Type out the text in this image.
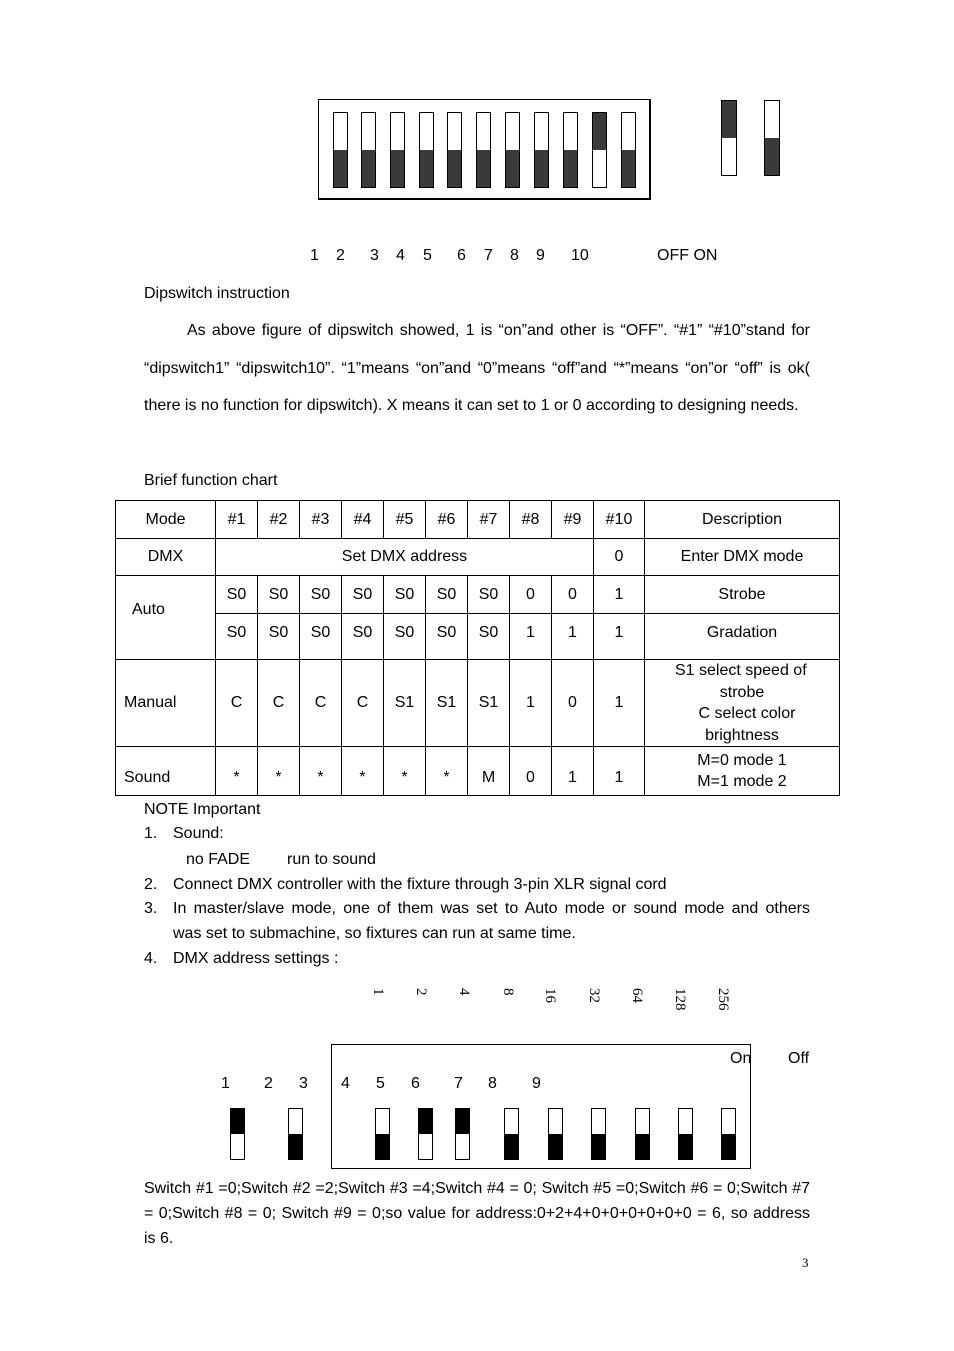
1 2 3 4 5 6 7 8 9 10	OFF ON
Dipswitch instruction
As above figure of dipswitch showed, 1 is “on”and other is “OFF”. “#1” “#10”stand for “dipswitch1” “dipswitch10”. “1”means “on”and “0”means “off”and “*”means “on”or “off” is ok( there is no function for dipswitch). X means it can set to 1 or 0 according to designing needs.
Brief function chart
Mode	#1	#2	#3	#4	#5	#6	#7	#8	#9	#10	Description
DMX	Set DMX address									0	Enter DMX mode
Auto	S0	S0	S0	S0	S0	S0	S0	0	0	1	Strobe
	S0	S0	S0	S0	S0	S0	S0	1	1	1	Gradation
Manual	C	C	C	C	S1	S1	S1	1	0	1	S1 select speed of
strobe
C select color
brightness

Sound	*	*	*	*	*	*	M	0	1	1	M=0 mode 1
M=1 mode 2
NOTE Important
1. Sound:
no FADE run to sound
2. Connect DMX controller with the fixture through 3-pin XLR signal cord
3. In master/slave mode, one of them was set to Auto mode or sound mode and others
was set to submachine, so fixtures can run at same time.
4. DMX address settings :
1 2 4 8 16 32 64 128 256
On Off
1 2 3 4 5 6 7 8 9
Switch #1 =0;Switch #2 =2;Switch #3 =4;Switch #4 = 0; Switch #5 =0;Switch #6 = 0;Switch #7 = 0;Switch #8 = 0; Switch #9 = 0;so value for address:0+2+4+0+0+0+0+0+0 = 6, so address is 6.
3
